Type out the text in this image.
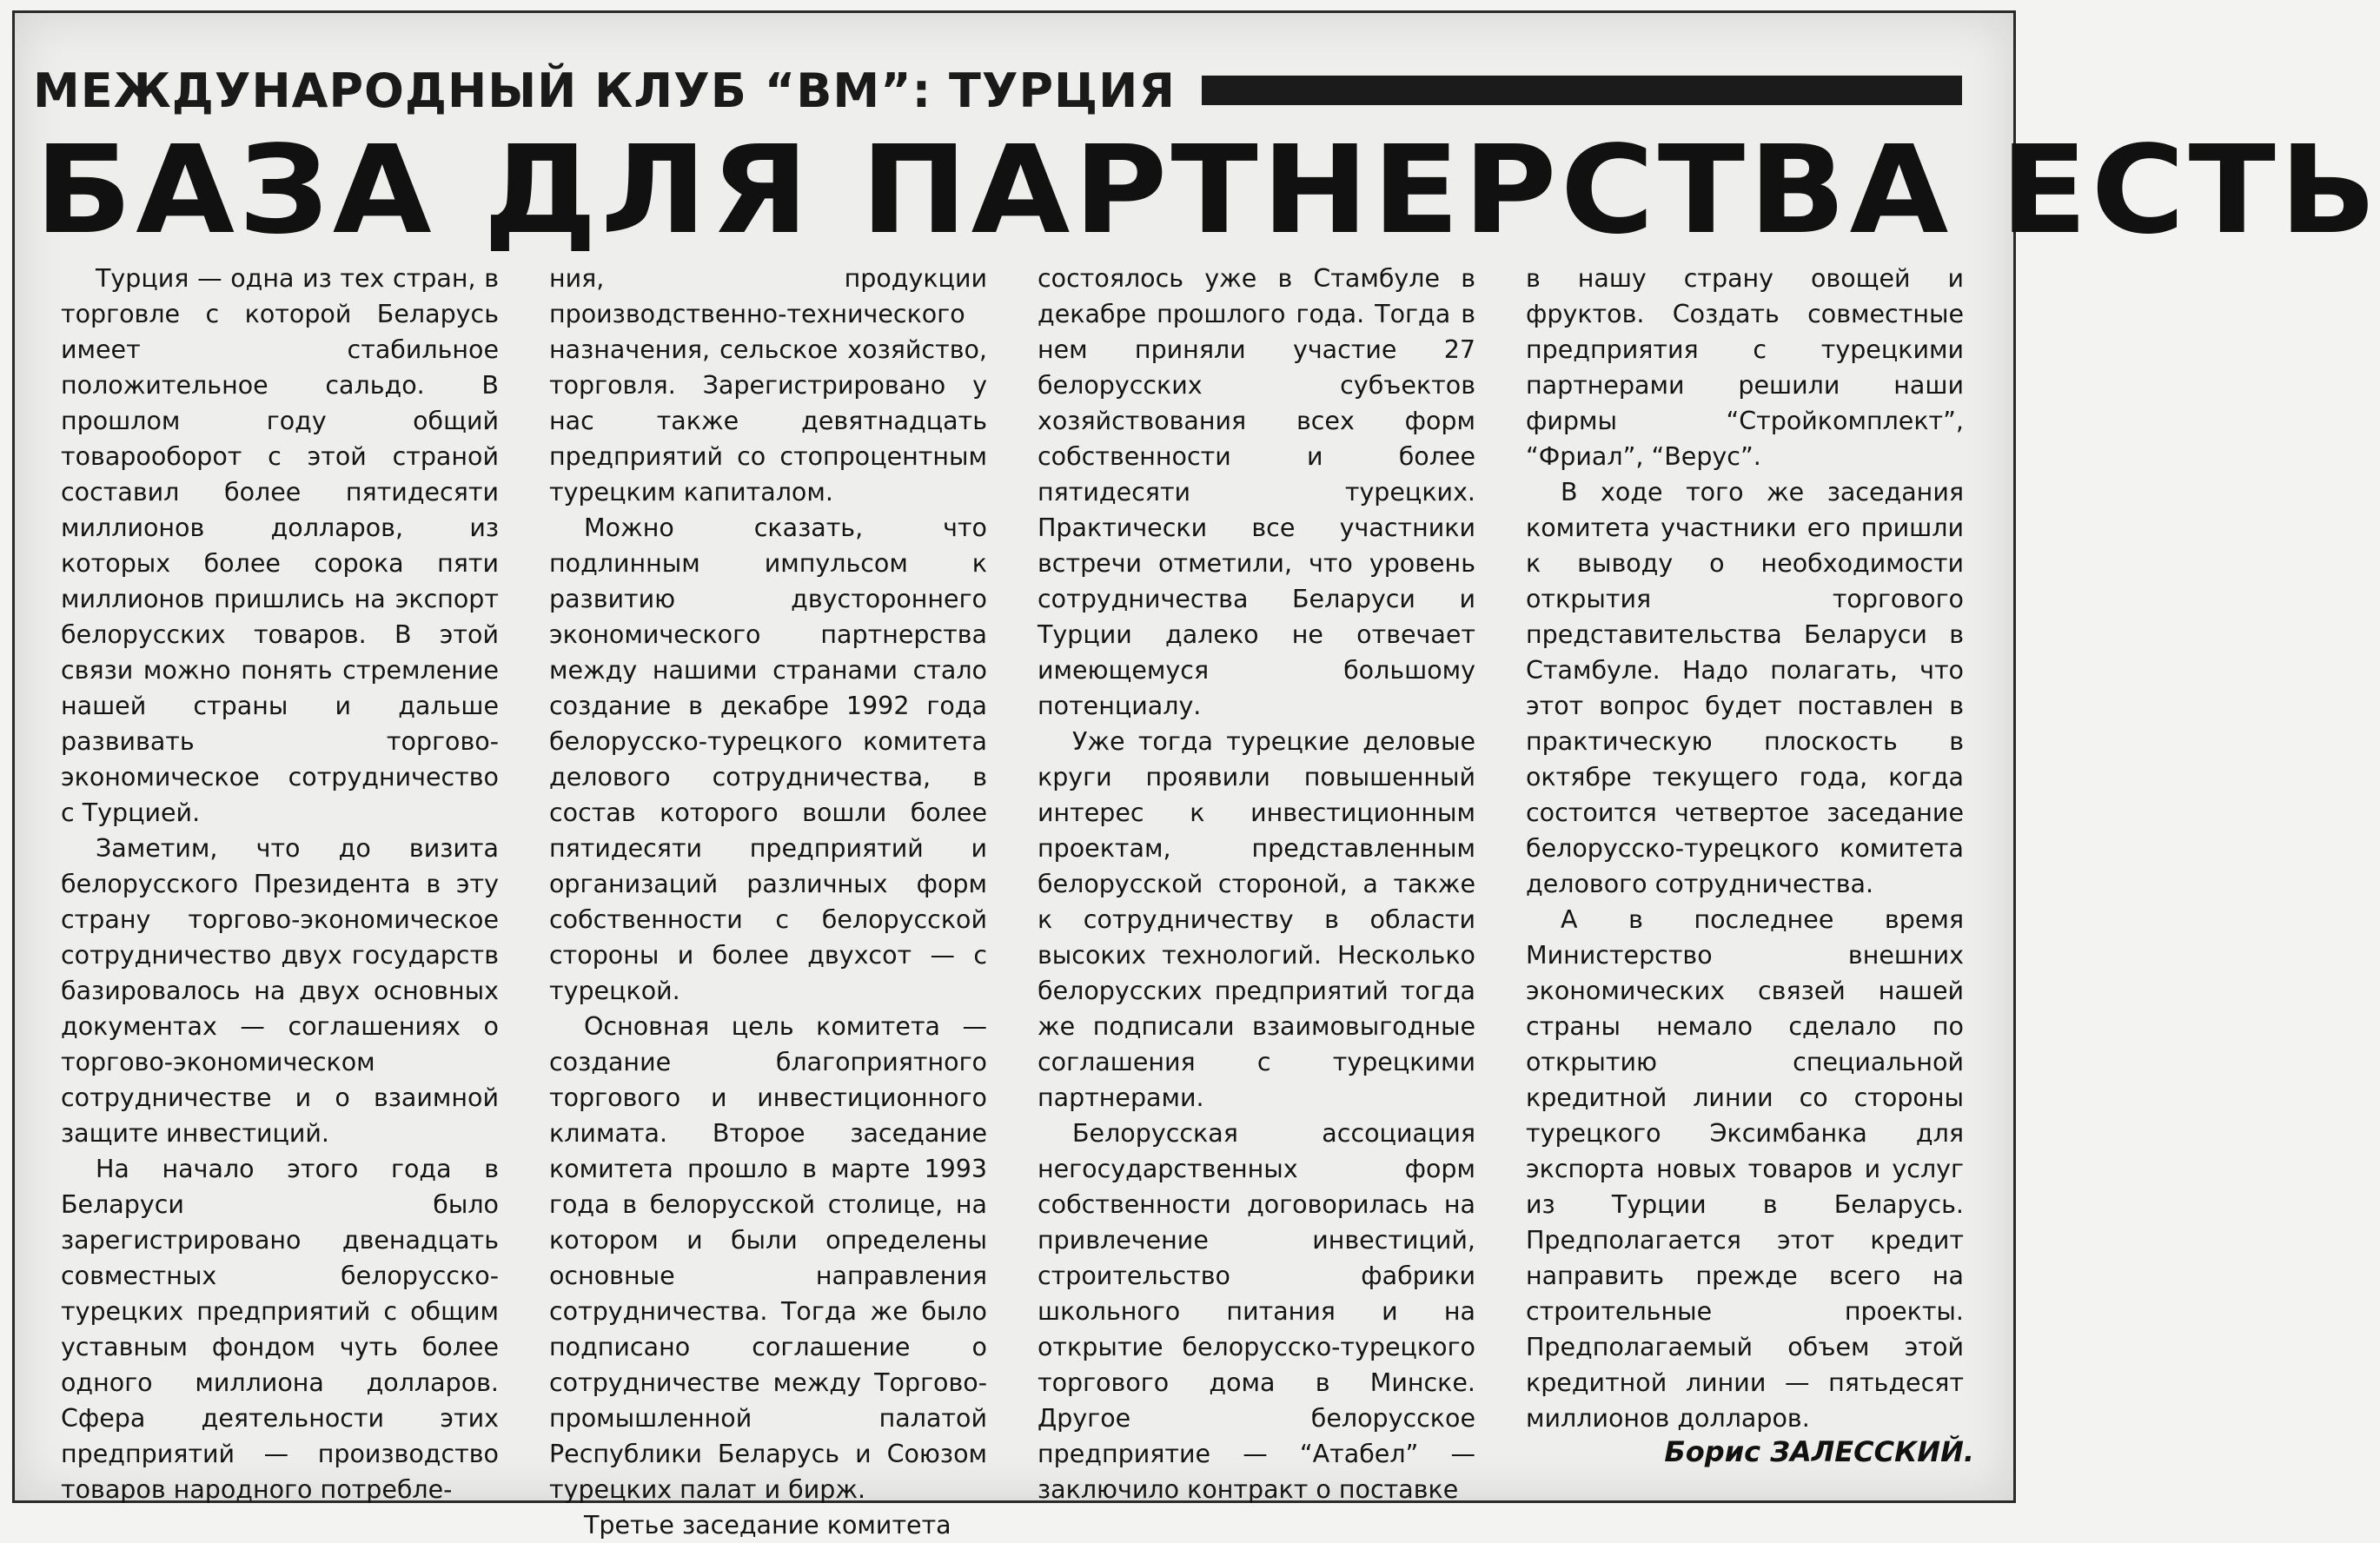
МЕЖДУНАРОДНЫЙ КЛУБ “ВМ”: ТУРЦИЯ
БАЗА ДЛЯ ПАРТНЕРСТВА ЕСТЬ

Турция — одна из тех стран, в торговле с которой Беларусь имеет стабильное положительное сальдо. В прошлом году общий товарооборот с этой страной составил более пятидесяти миллионов долларов, из которых более сорока пяти миллионов пришлись на экспорт белорусских товаров. В этой связи можно понять стремление нашей страны и дальше развивать торгово-экономическое сотрудничество с Турцией.

Заметим, что до визита белорусского Президента в эту страну торгово-экономическое сотрудничество двух государств базировалось на двух основных документах — соглашениях о торгово-экономическом сотрудничестве и о взаимной защите инвестиций.

На начало этого года в Беларуси было зарегистрировано двенадцать совместных белорусско-турецких предприятий с общим уставным фондом чуть более одного миллиона долларов. Сфера деятельности этих предприятий — производство товаров народного потребле-

ния, продукции производственно-технического назначения, сельское хозяйство, торговля. Зарегистрировано у нас также девятнадцать предприятий со стопроцентным турецким капиталом.

Можно сказать, что подлинным импульсом к развитию двустороннего экономического партнерства между нашими странами стало создание в декабре 1992 года белорусско-турецкого комитета делового сотрудничества, в состав которого вошли более пятидесяти предприятий и организаций различных форм собственности с белорусской стороны и более двухсот — с турецкой.

Основная цель комитета — создание благоприятного торгового и инвестиционного климата. Второе заседание комитета прошло в марте 1993 года в белорусской столице, на котором и были определены основные направления сотрудничества. Тогда же было подписано соглашение о сотрудничестве между Торгово-промышленной палатой Республики Беларусь и Союзом турецких палат и бирж.

Третье заседание комитета

состоялось уже в Стамбуле в декабре прошлого года. Тогда в нем приняли участие 27 белорусских субъектов хозяйствования всех форм собственности и более пятидесяти турецких. Практически все участники встречи отметили, что уровень сотрудничества Беларуси и Турции далеко не отвечает имеющемуся большому потенциалу.

Уже тогда турецкие деловые круги проявили повышенный интерес к инвестиционным проектам, представленным белорусской стороной, а также к сотрудничеству в области высоких технологий. Несколько белорусских предприятий тогда же подписали взаимовыгодные соглашения с турецкими партнерами.

Белорусская ассоциация негосударственных форм собственности договорилась на привлечение инвестиций, строительство фабрики школьного питания и на открытие белорусско-турецкого торгового дома в Минске. Другое белорусское предприятие — “Атабел” — заключило контракт о поставке

в нашу страну овощей и фруктов. Создать совместные предприятия с турецкими партнерами решили наши фирмы “Стройкомплект”, “Фриал”, “Верус”.

В ходе того же заседания комитета участники его пришли к выводу о необходимости открытия торгового представительства Беларуси в Стамбуле. Надо полагать, что этот вопрос будет поставлен в практическую плоскость в октябре текущего года, когда состоится четвертое заседание белорусско-турецкого комитета делового сотрудничества.

А в последнее время Министерство внешних экономических связей нашей страны немало сделало по открытию специальной кредитной линии со стороны турецкого Эксимбанка для экспорта новых товаров и услуг из Турции в Беларусь. Предполагается этот кредит направить прежде всего на строительные проекты. Предполагаемый объем этой кредитной линии — пятьдесят миллионов долларов.

Борис ЗАЛЕССКИЙ.
